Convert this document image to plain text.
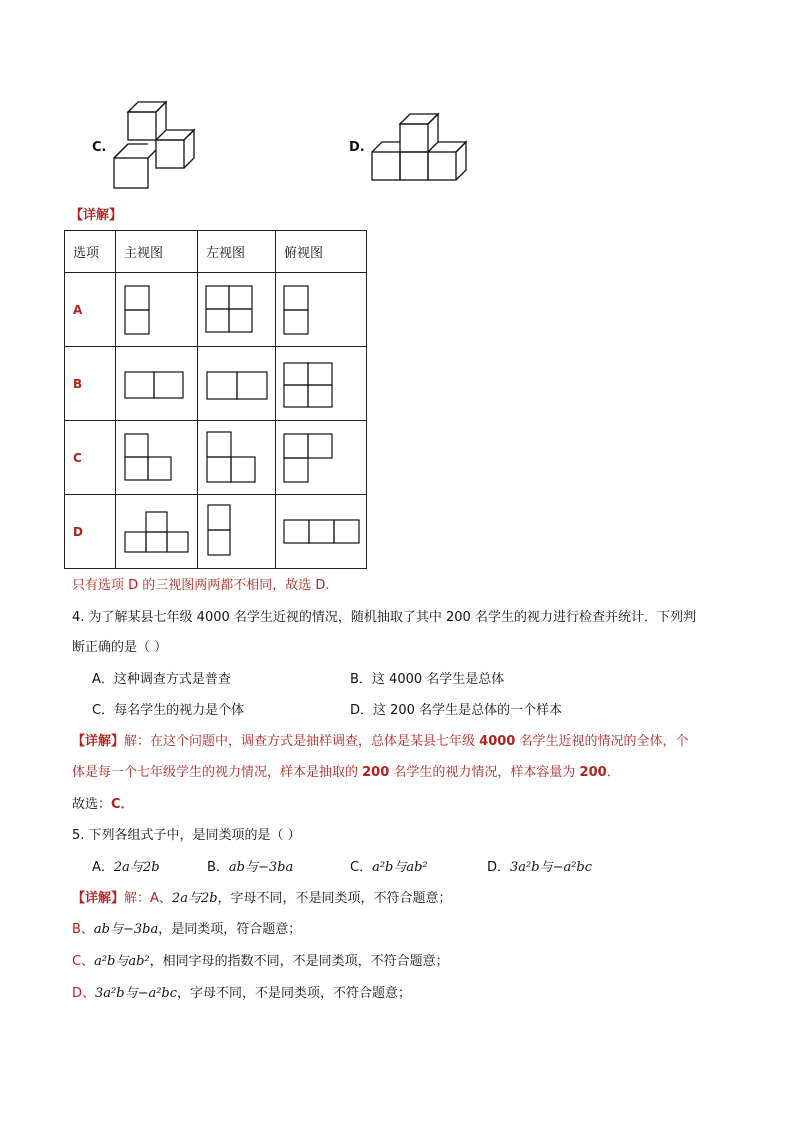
C.	D.
【详解】
选项	主视图	左视图	俯视图
A	

B	

C	

D	

只有选项 D 的三视图两两都不相同，故选 D.
4. 为了解某县七年级 4000 名学生近视的情况，随机抽取了其中 200 名学生的视力进行检查并统计．下列判
断正确的是（ ）
A．这种调查方式是普查	B．这 4000 名学生是总体
C．每名学生的视力是个体	D．这 200 名学生是总体的一个样本
【详解】解：在这个问题中，调查方式是抽样调查，总体是某县七年级 4000 名学生近视的情况的全体，个
体是每一个七年级学生的视力情况，样本是抽取的 200 名学生的视力情况，样本容量为 200．
故选：C．
5. 下列各组式子中，是同类项的是（ ）
A．2a与2b	B．ab与−3ba	C．a²b与ab²	D．3a²b与−a²bc
【详解】解：A、2a与2b，字母不同，不是同类项，不符合题意；
B、ab与−3ba，是同类项，符合题意；
C、a²b与ab²，相同字母的指数不同，不是同类项，不符合题意；
D、3a²b与−a²bc，字母不同，不是同类项，不符合题意；
